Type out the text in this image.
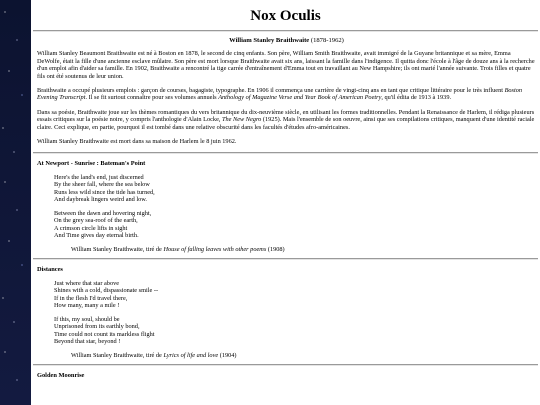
Nox Oculis
William Stanley Braithwaite (1878-1962)

William Stanley Beaumont Braithwaite est né à Boston en 1878, le second de cinq enfants. Son père, William Smith Braithwaite, avait immigré de la Guyane britannique et sa mère, Emma DeWolfe, était la fille d'une ancienne esclave mûlatre. Son père est mort lorsque Braithwaite avait six ans, laissant la famille dans l'indigence. Il quitta donc l'école à l'âge de douze ans à la recherche d'un emploi afin d'aider sa famille. En 1902, Braithwaite a rencontré la tige carrée d'entraînement d'Emma tout en travaillant au New Hampshire; ils ont marié l'année suivante. Trois filles et quatre fils ont été soutenus de leur union.

Braithwaite a occupé plusieurs emplois : garçon de courses, bagagiste, typographe. En 1906 il commença une carrière de vingt-cinq ans en tant que critique littéraire pour le très influent Boston Evening Transcript. Il se fit surtout connaître pour ses volumes annuels Anthology of Magazine Verse and Year Book of American Poetry, qu'il édita de 1913 à 1939.

Dans sa poésie, Braithwaite joue sur les thèmes romantiques du vers britannique du dix-neuvième siècle, en utilisant les formes traditionnelles. Pendant la Renaissance de Harlem, il rédiga plusieurs essais critiques sur la poésie noire, y compris l'anthologie d'Alain Locke, The New Negro (1925). Mais l'ensemble de son oeuvre, ainsi que ses compilations critiques, manquent d'une identité raciale claire. Ceci explique, en partie, pourquoi il est tombé dans une relative obscurité dans les facultés d'études afro-américaines.

William Stanley Braithwaite est mort dans sa maison de Harlem le 8 juin 1962.

At Newport - Sunrise : Bateman's Point
Here's the land's end, just discerned
By the sheer fall, where the sea below
Runs less wild since the tide has turned,
And daybreak lingers weird and low.
Between the dawn and hovering night,
On the grey sea-roof of the earth,
A crimson circle lifts in sight
And Time gives day eternal birth.
William Stanley Braithwaite, tiré de House of falling leaves with other poems (1908)
Distances
Just where that star above
Shines with a cold, dispassionate smile --
If in the flesh I'd travel there,
How many, many a mile !
If this, my soul, should be
Unprisoned from its earthly bond,
Time could not count its markless flight
Beyond that star, beyond !
William Stanley Braithwaite, tiré de Lyrics of life and love (1904)
Golden Moonrise
